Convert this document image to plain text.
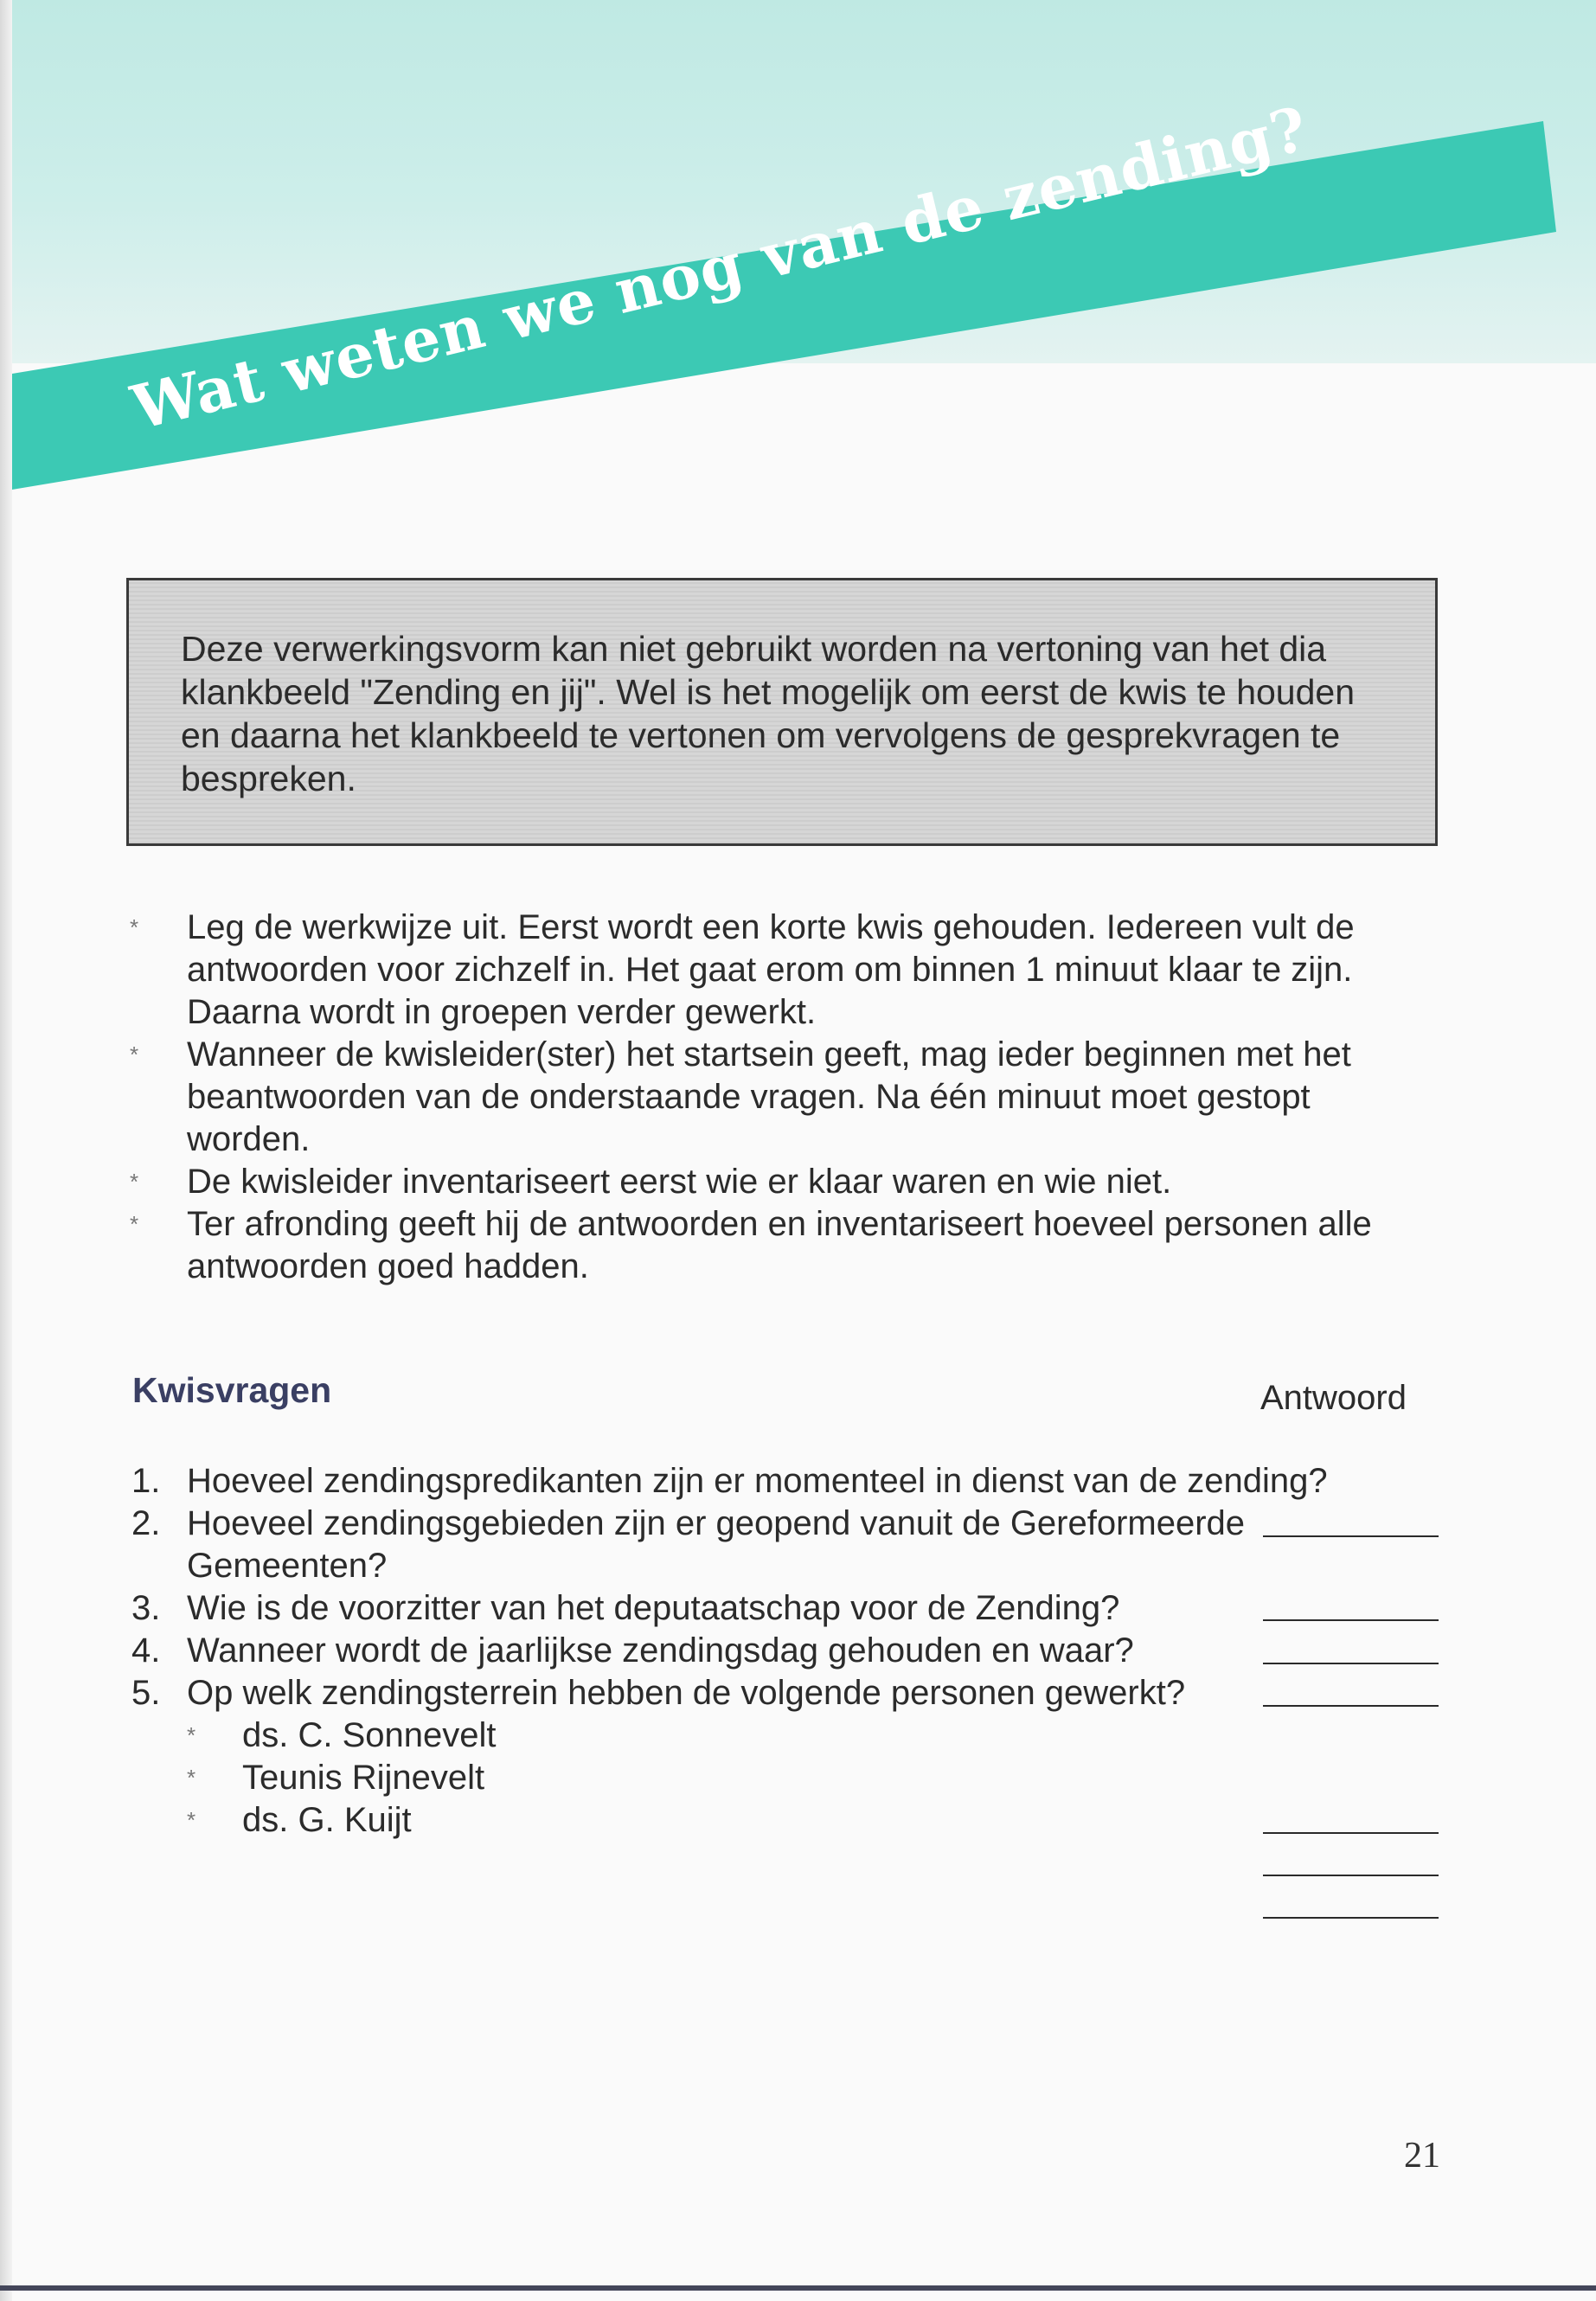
Wat weten we nog van de zending?
Deze verwerkingsvorm kan niet gebruikt worden na vertoning van het dia klankbeeld "Zending en jij". Wel is het mogelijk om eerst de kwis te houden en daarna het klankbeeld te vertonen om vervolgens de gesprekvragen te bespreken.
* Leg de werkwijze uit. Eerst wordt een korte kwis gehouden. Iedereen vult de antwoorden voor zichzelf in. Het gaat erom om binnen 1 minuut klaar te zijn.
Daarna wordt in groepen verder gewerkt.
* Wanneer de kwisleider(ster) het startsein geeft, mag ieder beginnen met het beantwoorden van de onderstaande vragen. Na één minuut moet gestopt worden.
* De kwisleider inventariseert eerst wie er klaar waren en wie niet.
* Ter afronding geeft hij de antwoorden en inventariseert hoeveel personen alle antwoorden goed hadden.
Kwisvragen	Antwoord
1. Hoeveel zendingspredikanten zijn er momenteel in dienst van de zending?
2. Hoeveel zendingsgebieden zijn er geopend vanuit de Gereformeerde Gemeenten?
3. Wie is de voorzitter van het deputaatschap voor de Zending?
4. Wanneer wordt de jaarlijkse zendingsdag gehouden en waar?
5. Op welk zendingsterrein hebben de volgende personen gewerkt?
* ds. C. Sonnevelt
* Teunis Rijnevelt
* ds. G. Kuijt
21
